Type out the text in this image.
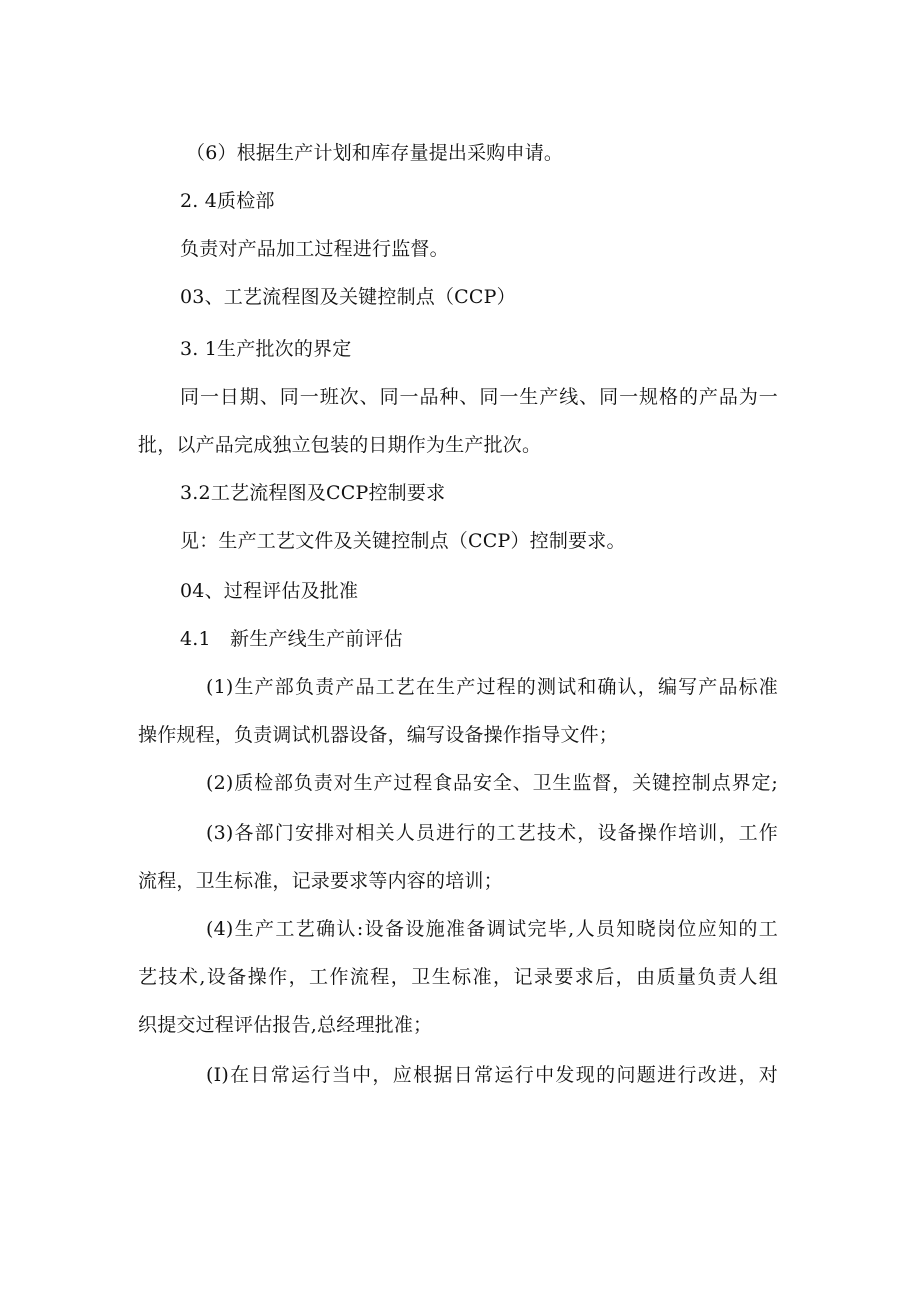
（6）根据生产计划和库存量提出采购申请。
2. 4质检部
负责对产品加工过程进行监督。
03、工艺流程图及关键控制点（CCP）
3. 1生产批次的界定
同一日期、同一班次、同一品种、同一生产线、同一规格的产品为一
批，以产品完成独立包装的日期作为生产批次。
3.2工艺流程图及CCP控制要求
见：生产工艺文件及关键控制点（CCP）控制要求。
04、过程评估及批准
4.1　新生产线生产前评估
(1)生产部负责产品工艺在生产过程的测试和确认，编写产品标准
操作规程，负责调试机器设备，编写设备操作指导文件；
(2)质检部负责对生产过程食品安全、卫生监督，关键控制点界定;
(3)各部门安排对相关人员进行的工艺技术，设备操作培训，工作
流程，卫生标准，记录要求等内容的培训；
(4)生产工艺确认:设备设施准备调试完毕,人员知晓岗位应知的工
艺技术,设备操作，工作流程，卫生标准，记录要求后，由质量负责人组
织提交过程评估报告,总经理批准；
(I)在日常运行当中，应根据日常运行中发现的问题进行改进，对
